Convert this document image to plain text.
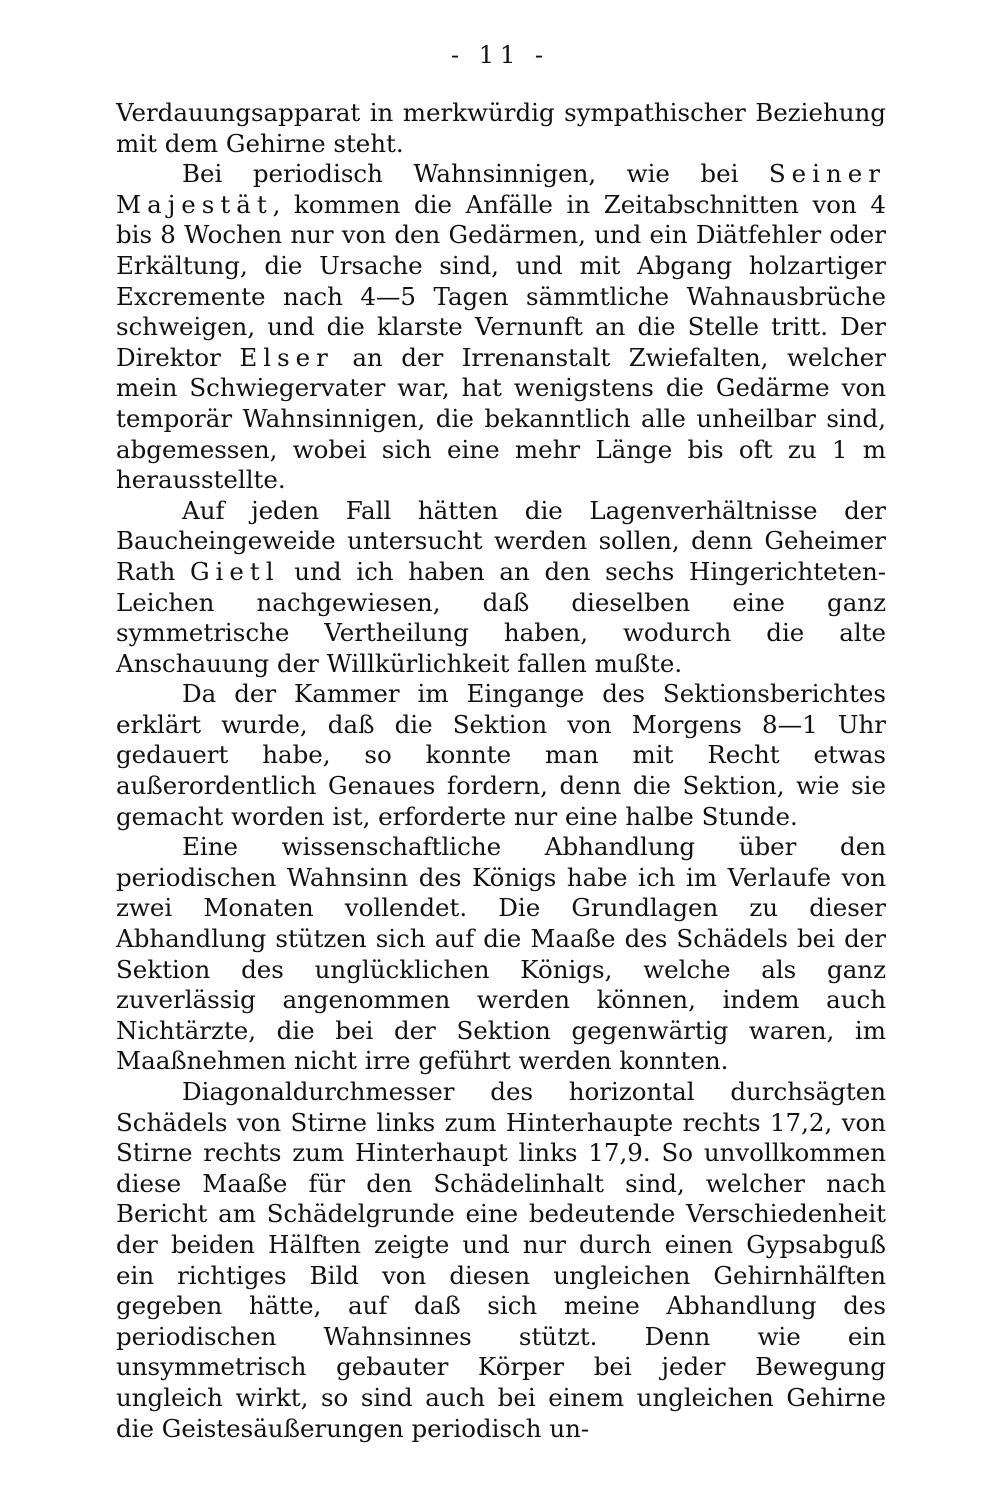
- 11 -

Verdauungsapparat in merkwürdig sympathischer Beziehung mit dem Gehirne steht.

Bei periodisch Wahnsinnigen, wie bei Seiner Majestät, kommen die Anfälle in Zeitabschnitten von 4 bis 8 Wochen nur von den Gedärmen, und ein Diätfehler oder Erkältung, die Ursache sind, und mit Abgang holzartiger Excremente nach 4—5 Tagen sämmtliche Wahnausbrüche schweigen, und die klarste Vernunft an die Stelle tritt. Der Direktor Elser an der Irrenanstalt Zwiefalten, welcher mein Schwiegervater war, hat wenigstens die Gedärme von temporär Wahnsinnigen, die bekanntlich alle unheilbar sind, abgemessen, wobei sich eine mehr Länge bis oft zu 1 m herausstellte.

Auf jeden Fall hätten die Lagenverhältnisse der Baucheingeweide untersucht werden sollen, denn Geheimer Rath Gietl und ich haben an den sechs Hingerichteten-Leichen nachgewiesen, daß dieselben eine ganz symmetrische Vertheilung haben, wodurch die alte Anschauung der Willkürlichkeit fallen mußte.

Da der Kammer im Eingange des Sektionsberichtes erklärt wurde, daß die Sektion von Morgens 8—1 Uhr gedauert habe, so konnte man mit Recht etwas außerordentlich Genaues fordern, denn die Sektion, wie sie gemacht worden ist, erforderte nur eine halbe Stunde.

Eine wissenschaftliche Abhandlung über den periodischen Wahnsinn des Königs habe ich im Verlaufe von zwei Monaten vollendet. Die Grundlagen zu dieser Abhandlung stützen sich auf die Maaße des Schädels bei der Sektion des unglücklichen Königs, welche als ganz zuverlässig angenommen werden können, indem auch Nichtärzte, die bei der Sektion gegenwärtig waren, im Maaßnehmen nicht irre geführt werden konnten.

Diagonaldurchmesser des horizontal durchsägten Schädels von Stirne links zum Hinterhaupte rechts 17,2, von Stirne rechts zum Hinterhaupt links 17,9. So unvollkommen diese Maaße für den Schädelinhalt sind, welcher nach Bericht am Schädelgrunde eine bedeutende Verschiedenheit der beiden Hälften zeigte und nur durch einen Gypsabguß ein richtiges Bild von diesen ungleichen Gehirnhälften gegeben hätte, auf daß sich meine Abhandlung des periodischen Wahnsinnes stützt. Denn wie ein unsymmetrisch gebauter Körper bei jeder Bewegung ungleich wirkt, so sind auch bei einem ungleichen Gehirne die Geistesäußerungen periodisch un-
